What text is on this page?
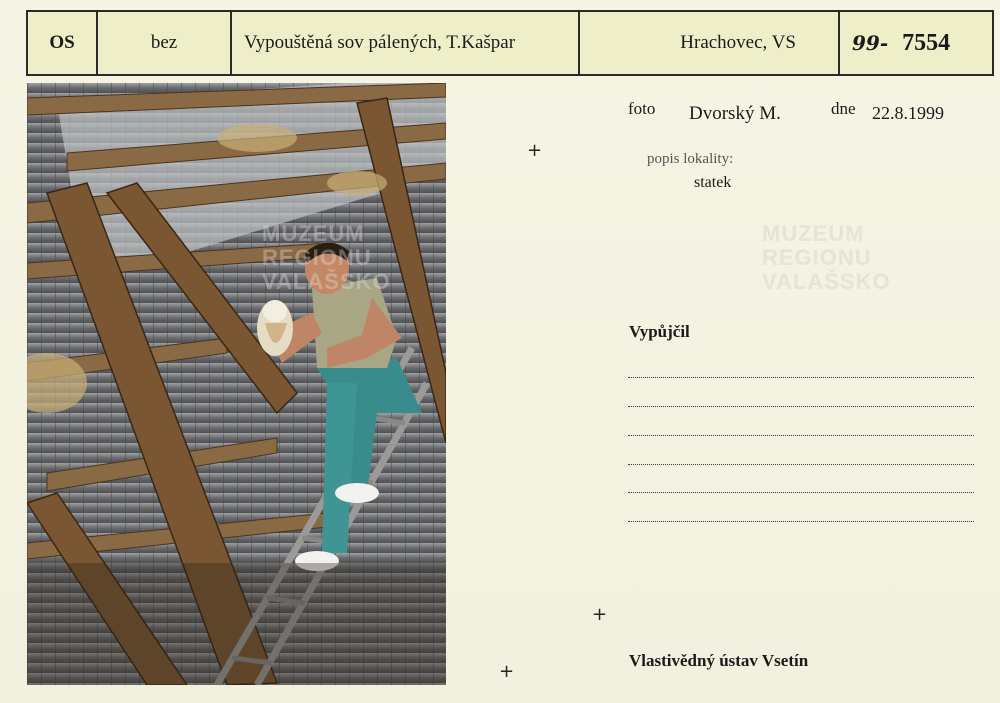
OS	bez	Vypouštěná sov pálených, T.Kašpar	Hrachovec, VS	99- 7554
foto Dvorský M.	dne 22.8.1999
popis lokality:
statek
Vypůjčil
Vlastivědný ústav Vsetín
+
+
+
MUZEUM
REGIONU
VALAŠSKO
MUZEUM
REGIONU
VALAŠSKO
